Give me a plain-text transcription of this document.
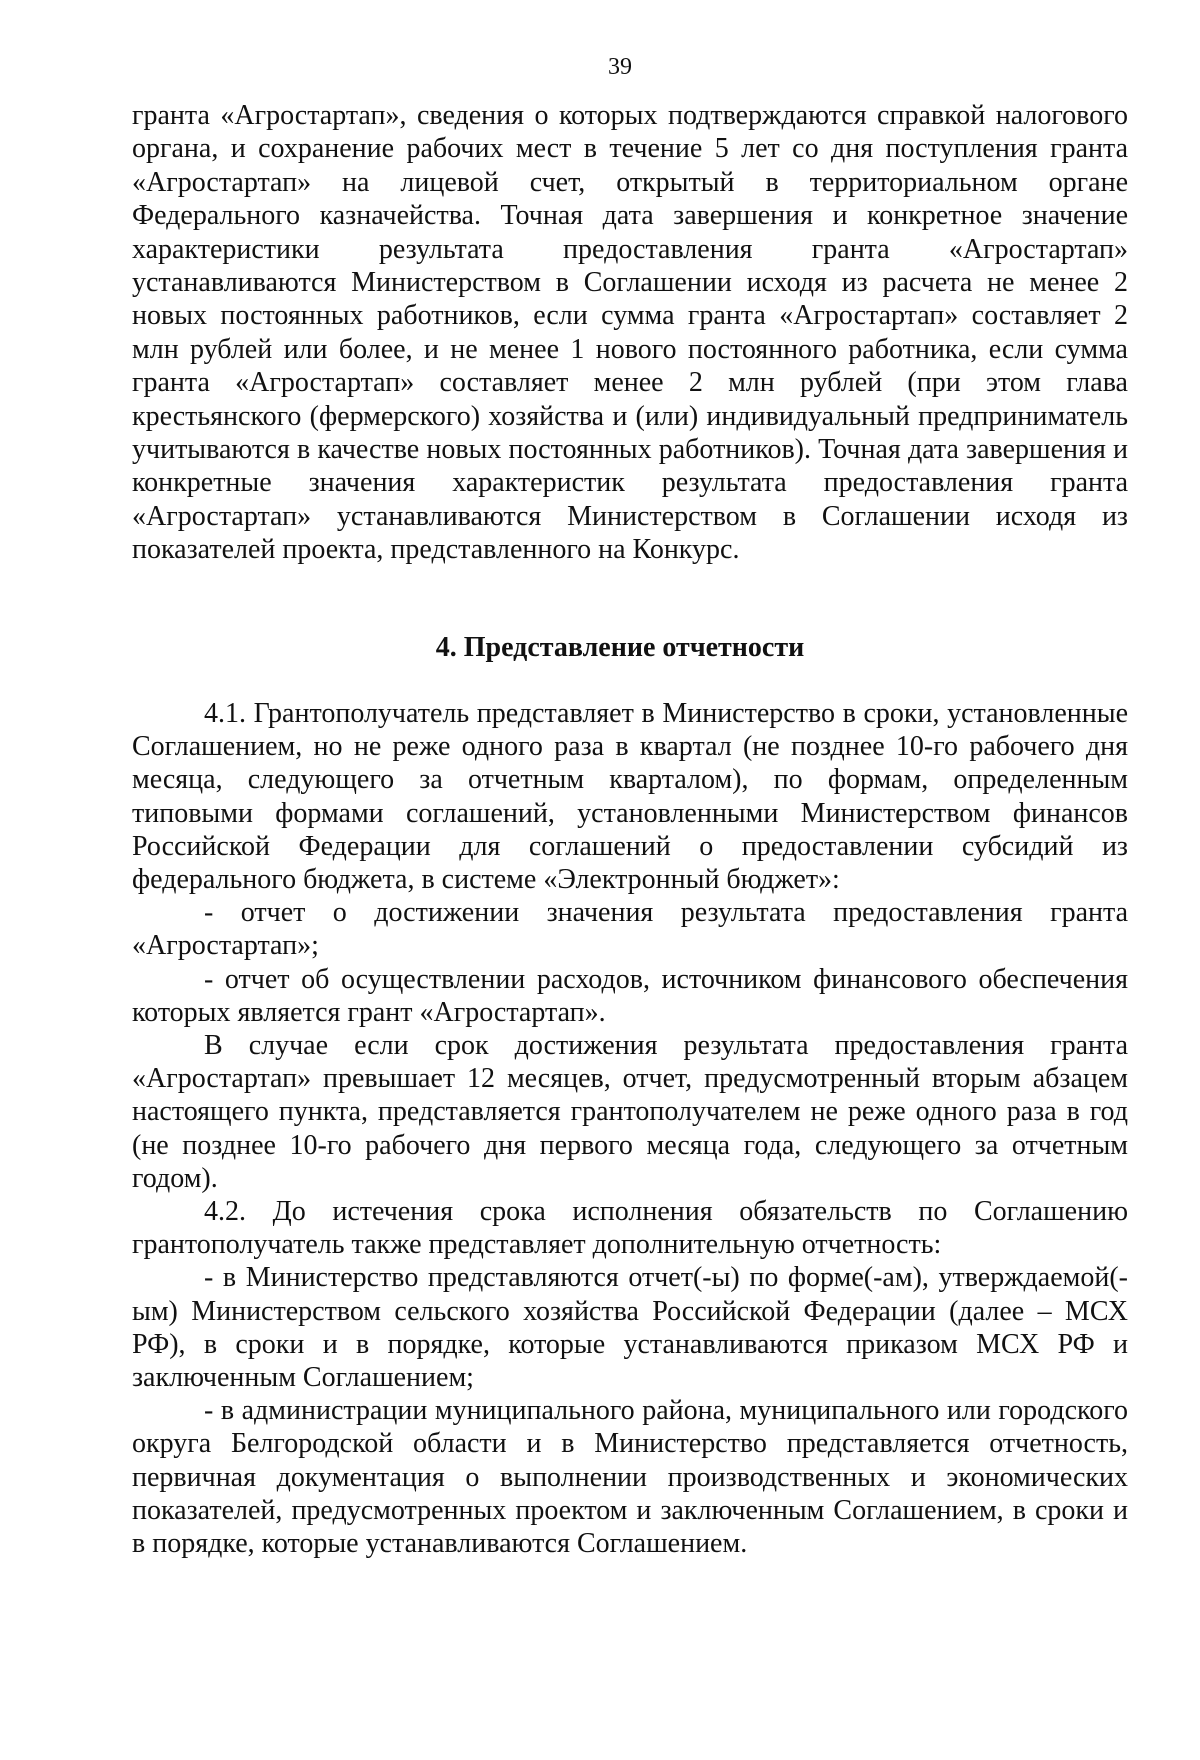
39

гранта «Агростартап», сведения о которых подтверждаются справкой налогового органа, и сохранение рабочих мест в течение 5 лет со дня поступления гранта «Агростартап» на лицевой счет, открытый в территориальном органе Федерального казначейства. Точная дата завершения и конкретное значение характеристики результата предоставления гранта «Агростартап» устанавливаются Министерством в Соглашении исходя из расчета не менее 2 новых постоянных работников, если сумма гранта «Агростартап» составляет 2 млн рублей или более, и не менее 1 нового постоянного работника, если сумма гранта «Агростартап» составляет менее 2 млн рублей (при этом глава крестьянского (фермерского) хозяйства и (или) индивидуальный предприниматель учитываются в качестве новых постоянных работников). Точная дата завершения и конкретные значения характеристик результата предоставления гранта «Агростартап» устанавливаются Министерством в Соглашении исходя из показателей проекта, представленного на Конкурс.

4. Представление отчетности

4.1. Грантополучатель представляет в Министерство в сроки, установленные Соглашением, но не реже одного раза в квартал (не позднее 10-го рабочего дня месяца, следующего за отчетным кварталом), по формам, определенным типовыми формами соглашений, установленными Министерством финансов Российской Федерации для соглашений о предоставлении субсидий из федерального бюджета, в системе «Электронный бюджет»:

- отчет о достижении значения результата предоставления гранта «Агростартап»;

- отчет об осуществлении расходов, источником финансового обеспечения которых является грант «Агростартап».

В случае если срок достижения результата предоставления гранта «Агростартап» превышает 12 месяцев, отчет, предусмотренный вторым абзацем настоящего пункта, представляется грантополучателем не реже одного раза в год (не позднее 10-го рабочего дня первого месяца года, следующего за отчетным годом).

4.2. До истечения срока исполнения обязательств по Соглашению грантополучатель также представляет дополнительную отчетность:

- в Министерство представляются отчет(-ы) по форме(-ам), утверждаемой(-ым) Министерством сельского хозяйства Российской Федерации (далее – МСХ РФ), в сроки и в порядке, которые устанавливаются приказом МСХ РФ и заключенным Соглашением;

- в администрации муниципального района, муниципального или городского округа Белгородской области и в Министерство представляется отчетность, первичная документация о выполнении производственных и экономических показателей, предусмотренных проектом и заключенным Соглашением, в сроки и в порядке, которые устанавливаются Соглашением.
